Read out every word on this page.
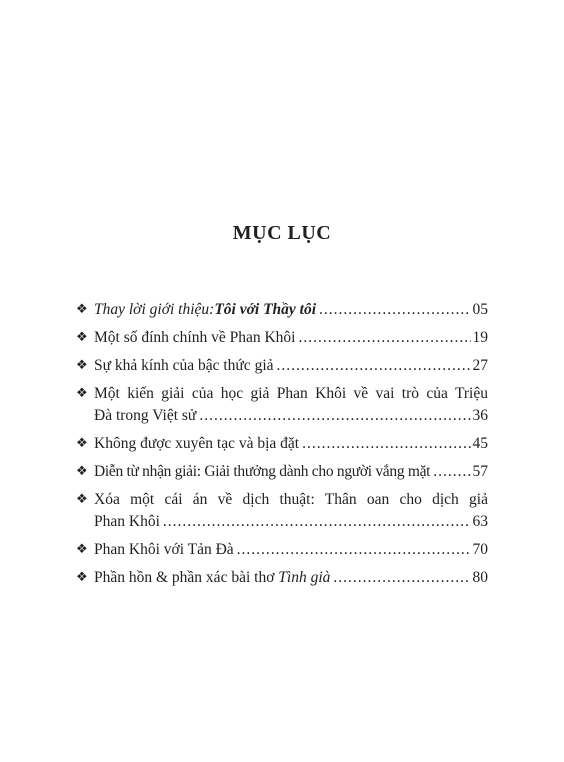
MỤC LỤC
❖ Thay lời giới thiệu: Tôi với Thầy tôi .....	05
❖ Một số đính chính về Phan Khôi .....	19
❖ Sự khả kính của bậc thức giả .....	27
❖ Một kiến giải của học giả Phan Khôi về vai trò của Triệu
Đà trong Việt sử .....	36
❖ Không được xuyên tạc và bịa đặt .....	45
❖ Diễn từ nhận giải: Giải thưởng dành cho người vắng mặt .....	57
❖ Xóa một cái án về dịch thuật: Thân oan cho dịch giả
Phan Khôi .....	63
❖ Phan Khôi với Tản Đà .....	70
❖ Phần hồn & phần xác bài thơ Tình già .....	80
